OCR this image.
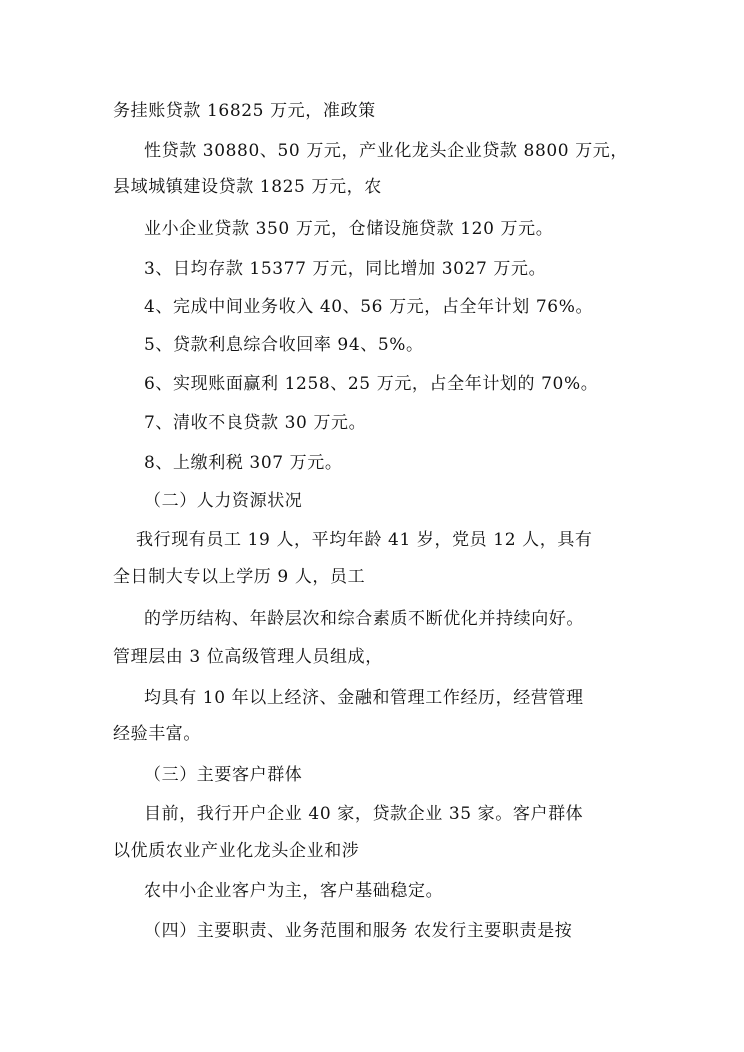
务挂账贷款 16825 万元，准政策
性贷款 30880、50 万元，产业化龙头企业贷款 8800 万元，
县域城镇建设贷款 1825 万元，农
业小企业贷款 350 万元，仓储设施贷款 120 万元。
3、日均存款 15377 万元，同比增加 3027 万元。
4、完成中间业务收入 40、56 万元，占全年计划 76%。
5、贷款利息综合收回率 94、5%。
6、实现账面赢利 1258、25 万元，占全年计划的 70%。
7、清收不良贷款 30 万元。
8、上缴利税 307 万元。
（二）人力资源状况
我行现有员工 19 人，平均年龄 41 岁，党员 12 人，具有
全日制大专以上学历 9 人，员工
的学历结构、年龄层次和综合素质不断优化并持续向好。
管理层由 3 位高级管理人员组成，
均具有 10 年以上经济、金融和管理工作经历，经营管理
经验丰富。
（三）主要客户群体
目前，我行开户企业 40 家，贷款企业 35 家。客户群体
以优质农业产业化龙头企业和涉
农中小企业客户为主，客户基础稳定。
（四）主要职责、业务范围和服务 农发行主要职责是按
